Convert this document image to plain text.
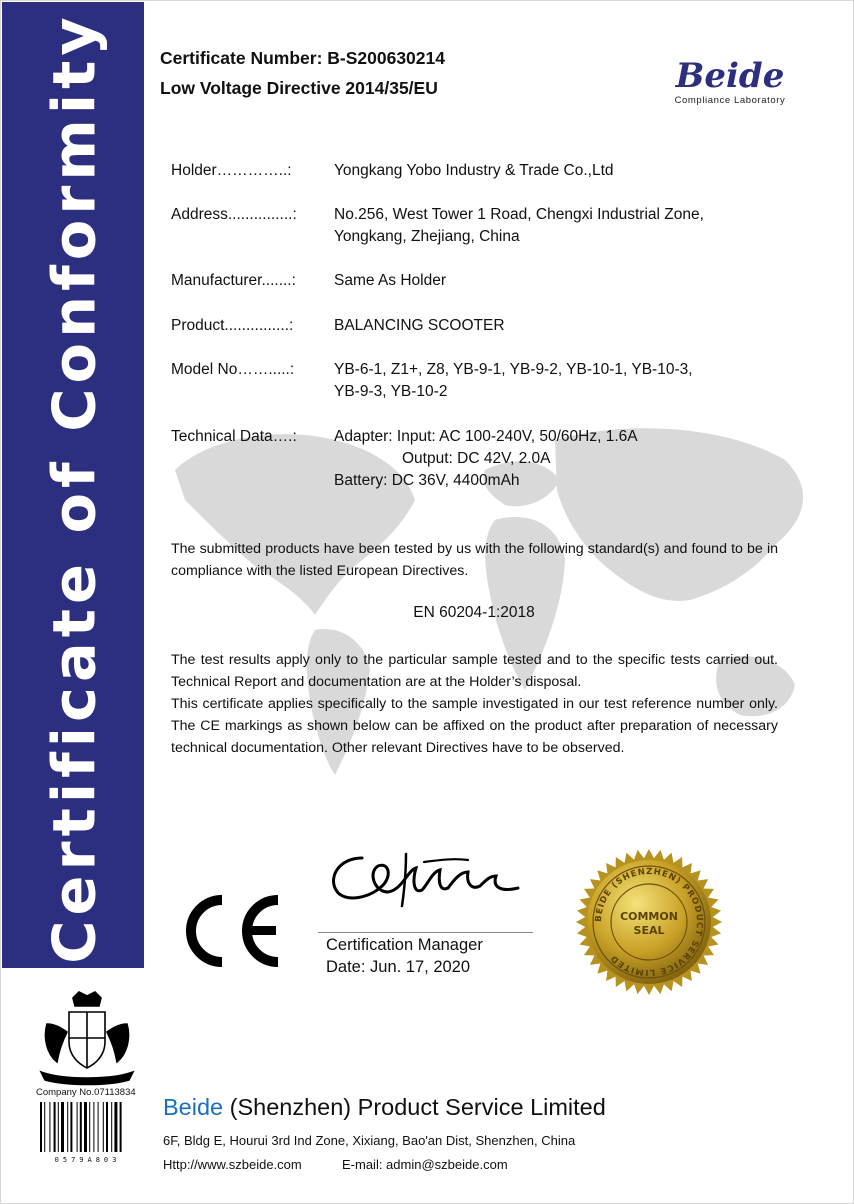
Certificate of Conformity	Certificate Number: B-S200630214
Low Voltage Directive 2014/35/EU	Beide
Compliance Laboratory
Holder…………..:	Yongkang Yobo Industry & Trade Co.,Ltd
Address...............: No.256, West Tower 1 Road, Chengxi Industrial Zone,
Yongkang, Zhejiang, China
Manufacturer.......: Same As Holder
Product...............:	BALANCING SCOOTER
Model No…….....:	YB-6-1, Z1+, Z8, YB-9-1, YB-9-2, YB-10-1, YB-10-3,
YB-9-3, YB-10-2
Technical Data….: Adapter: Input: AC 100-240V, 50/60Hz, 1.6A
Output: DC 42V, 2.0A
Battery: DC 36V, 4400mAh
The submitted products have been tested by us with the following standard(s) and found to be in compliance with the listed European Directives.
EN 60204-1:2018
The test results apply only to the particular sample tested and to the specific tests carried out. Technical Report and documentation are at the Holder’s disposal.
This certificate applies specifically to the sample investigated in our test reference number only. The CE markings as shown below can be affixed on the product after preparation of necessary technical documentation. Other relevant Directives have to be observed.
Certification Manager
Date: Jun. 17, 2020
BEIDE (SHENZHEN) PRODUCT SERVICE LIMITED
COMMON
SEAL
Company No.07113834
0579A803
Beide (Shenzhen) Product Service Limited
6F, Bldg E, Hourui 3rd Ind Zone, Xixiang, Bao'an Dist, Shenzhen, China
Http://www.szbeide.com	E-mail: admin@szbeide.com
